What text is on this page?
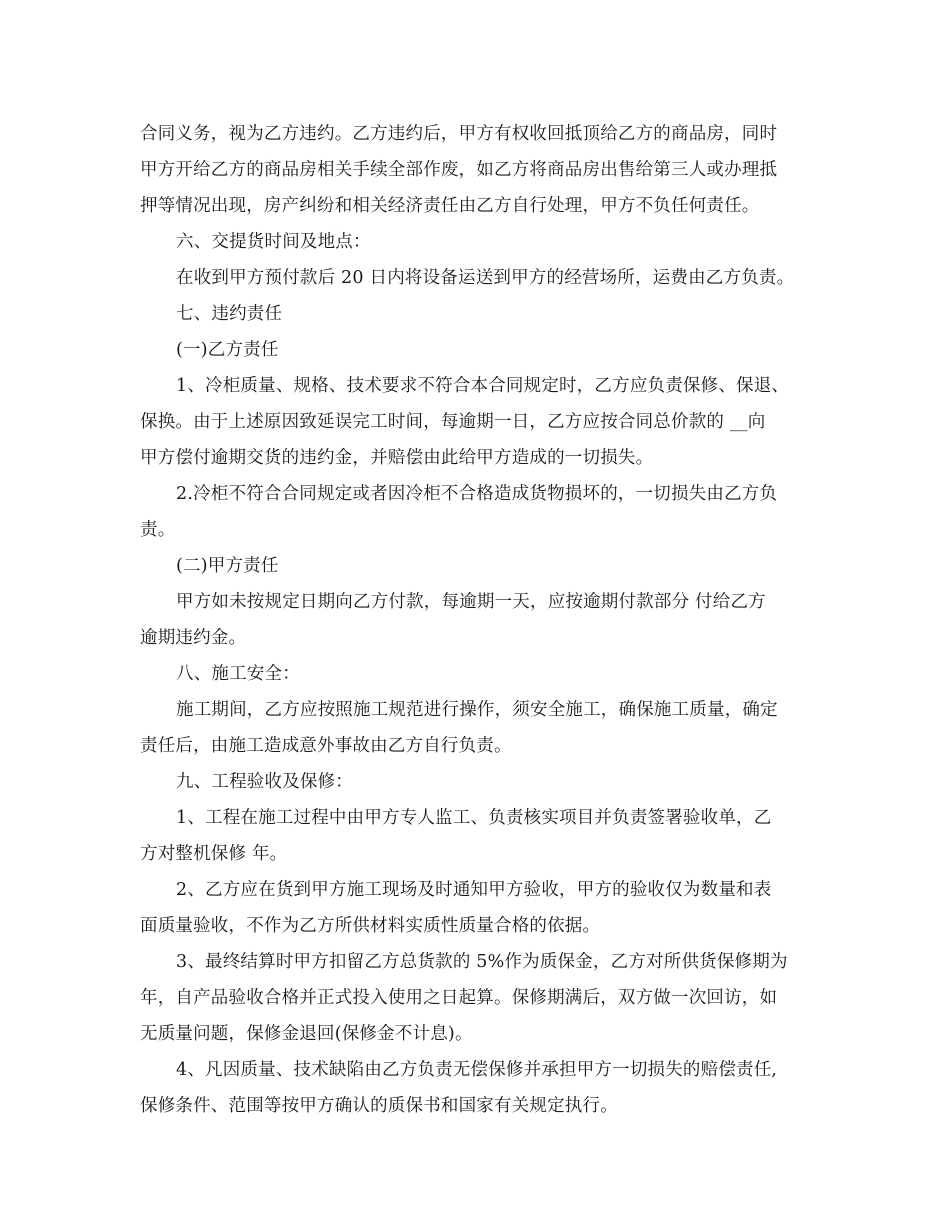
合同义务，视为乙方违约。乙方违约后，甲方有权收回抵顶给乙方的商品房，同时
甲方开给乙方的商品房相关手续全部作废，如乙方将商品房出售给第三人或办理抵
押等情况出现，房产纠纷和相关经济责任由乙方自行处理，甲方不负任何责任。
六、交提货时间及地点：
在收到甲方预付款后 20 日内将设备运送到甲方的经营场所，运费由乙方负责。
七、违约责任
(一)乙方责任
1、冷柜质量、规格、技术要求不符合本合同规定时，乙方应负责保修、保退、
保换。由于上述原因致延误完工时间，每逾期一日，乙方应按合同总价款的 __向
甲方偿付逾期交货的违约金，并赔偿由此给甲方造成的一切损失。
2.冷柜不符合合同规定或者因冷柜不合格造成货物损坏的，一切损失由乙方负
责。
(二)甲方责任
甲方如未按规定日期向乙方付款，每逾期一天，应按逾期付款部分 付给乙方
逾期违约金。
八、施工安全：
施工期间，乙方应按照施工规范进行操作，须安全施工，确保施工质量，确定
责任后，由施工造成意外事故由乙方自行负责。
九、工程验收及保修：
1、工程在施工过程中由甲方专人监工、负责核实项目并负责签署验收单，乙
方对整机保修 年。
2、乙方应在货到甲方施工现场及时通知甲方验收，甲方的验收仅为数量和表
面质量验收，不作为乙方所供材料实质性质量合格的依据。
3、最终结算时甲方扣留乙方总货款的 5%作为质保金，乙方对所供货保修期为
年，自产品验收合格并正式投入使用之日起算。保修期满后，双方做一次回访，如
无质量问题，保修金退回(保修金不计息)。
4、凡因质量、技术缺陷由乙方负责无偿保修并承担甲方一切损失的赔偿责任,
保修条件、范围等按甲方确认的质保书和国家有关规定执行。
